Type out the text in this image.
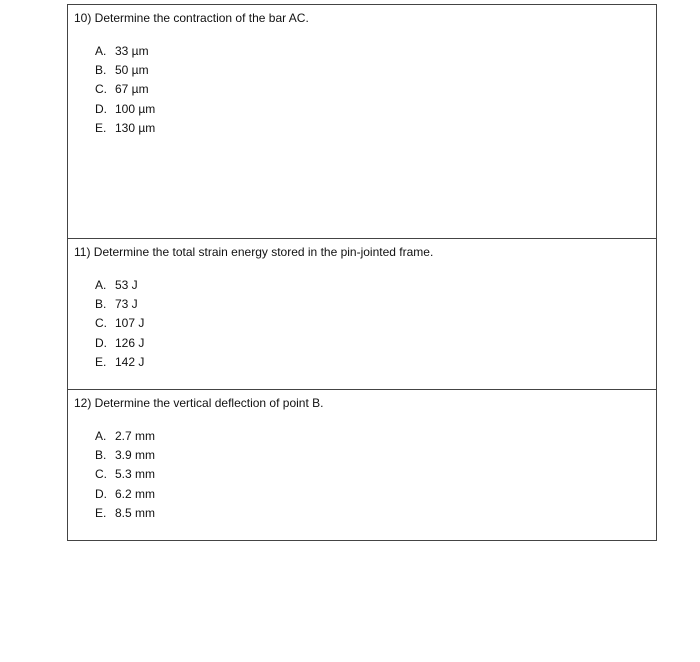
10) Determine the contraction of the bar AC.

A. 33 µm
B. 50 µm
C. 67 µm
D. 100 µm
E. 130 µm

11) Determine the total strain energy stored in the pin-jointed frame.

A. 53 J
B. 73 J
C. 107 J
D. 126 J
E. 142 J

12) Determine the vertical deflection of point B.

A. 2.7 mm
B. 3.9 mm
C. 5.3 mm
D. 6.2 mm
E. 8.5 mm
